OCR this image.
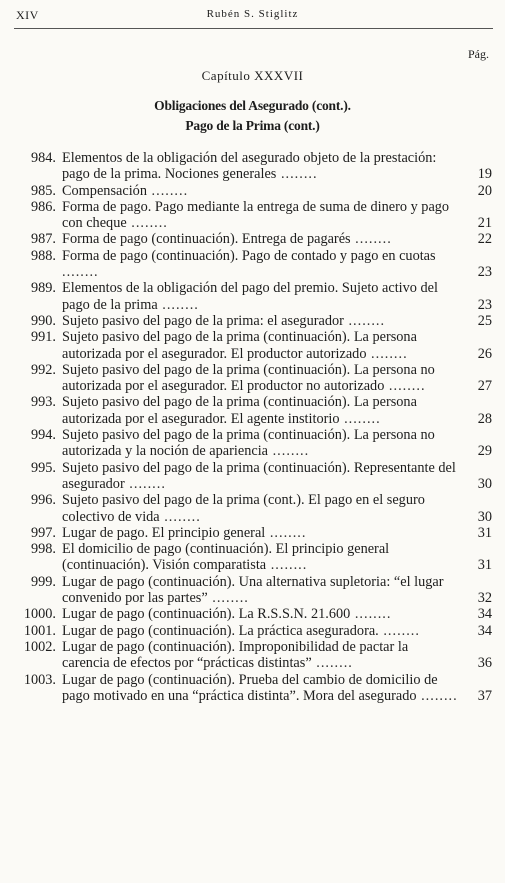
XIV	Rubén S. Stiglitz
Pág.
Capítulo XXXVII
Obligaciones del Asegurado (cont.).
Pago de la Prima (cont.)
984. Elementos de la obligación del asegurado objeto de la prestación: pago de la prima. Nociones generales ........	19
985. Compensación ........	20
986. Forma de pago. Pago mediante la entrega de suma de dinero y pago con cheque ........	21
987. Forma de pago (continuación). Entrega de pagarés ........	22
988. Forma de pago (continuación). Pago de contado y pago en cuotas ........	23
989. Elementos de la obligación del pago del premio. Sujeto activo del pago de la prima ........	23
990. Sujeto pasivo del pago de la prima: el asegurador ........	25
991. Sujeto pasivo del pago de la prima (continuación). La persona autorizada por el asegurador. El productor autorizado ........	26
992. Sujeto pasivo del pago de la prima (continuación). La persona no autorizada por el asegurador. El productor no autorizado ........	27
993. Sujeto pasivo del pago de la prima (continuación). La persona autorizada por el asegurador. El agente institorio ........	28
994. Sujeto pasivo del pago de la prima (continuación). La persona no autorizada y la noción de apariencia ........	29
995. Sujeto pasivo del pago de la prima (continuación). Representante del asegurador ........	30
996. Sujeto pasivo del pago de la prima (cont.). El pago en el seguro colectivo de vida ........	30
997. Lugar de pago. El principio general ........	31
998. El domicilio de pago (continuación). El principio general (continuación). Visión comparatista ........	31
999. Lugar de pago (continuación). Una alternativa supletoria: “el lugar convenido por las partes” ........	32
1000. Lugar de pago (continuación). La R.S.S.N. 21.600 ........	34
1001. Lugar de pago (continuación). La práctica aseguradora. ........	34
1002. Lugar de pago (continuación). Improponibilidad de pactar la carencia de efectos por “prácticas distintas” ........	36
1003. Lugar de pago (continuación). Prueba del cambio de domicilio de pago motivado en una “práctica distinta”. Mora del asegurado ........	37
